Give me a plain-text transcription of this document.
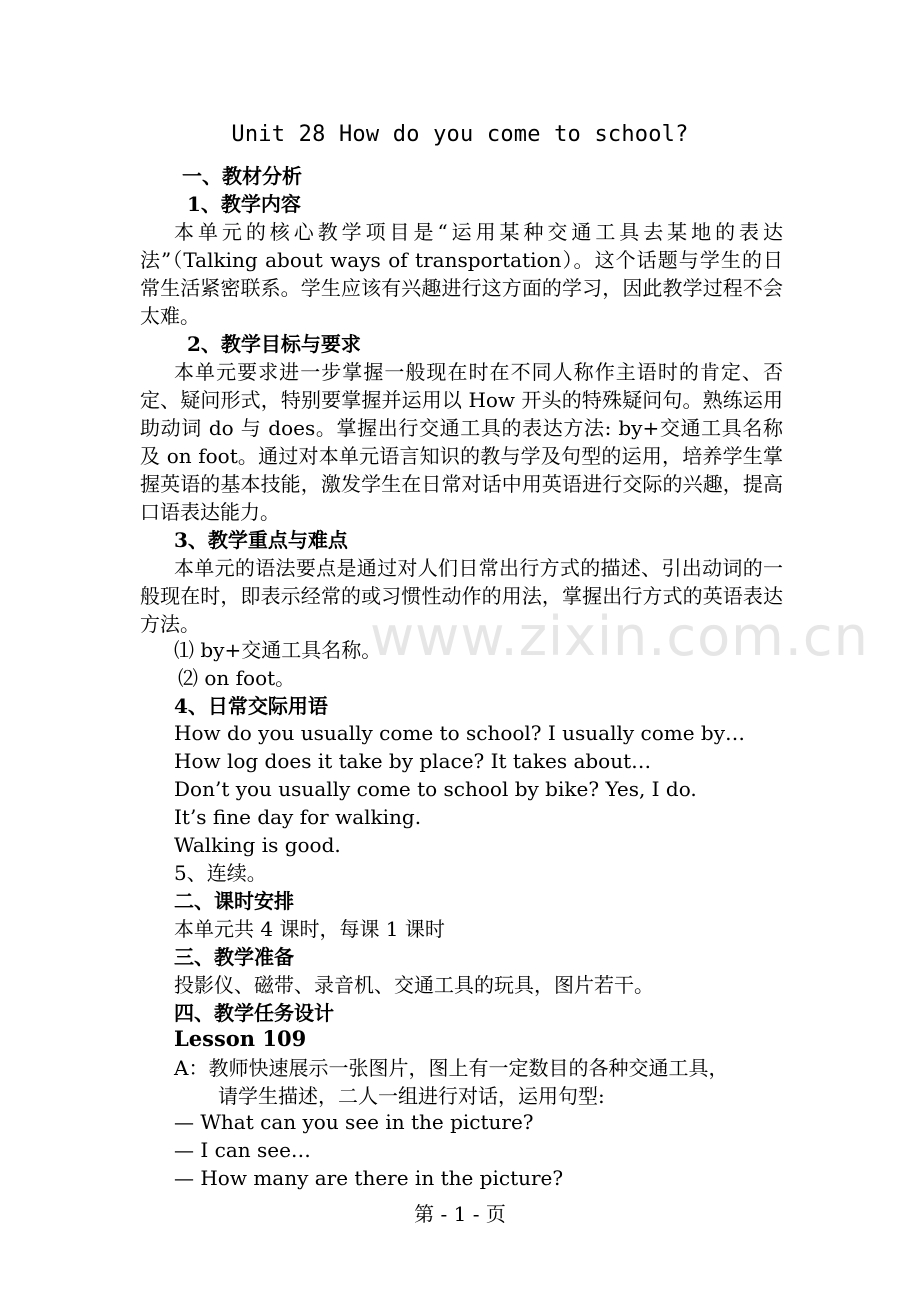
Unit 28 How do you come to school?
一、教材分析
1、教学内容
本单元的核心教学项目是“运用某种交通工具去某地的表达法”（Talking about ways of transportation）。这个话题与学生的日常生活紧密联系。学生应该有兴趣进行这方面的学习，因此教学过程不会太难。
2、教学目标与要求
本单元要求进一步掌握一般现在时在不同人称作主语时的肯定、否定、疑问形式，特别要掌握并运用以 How 开头的特殊疑问句。熟练运用助动词 do 与 does。掌握出行交通工具的表达方法: by+交通工具名称及 on foot。通过对本单元语言知识的教与学及句型的运用，培养学生掌握英语的基本技能，激发学生在日常对话中用英语进行交际的兴趣，提高口语表达能力。
3、教学重点与难点
本单元的语法要点是通过对人们日常出行方式的描述、引出动词的一般现在时，即表示经常的或习惯性动作的用法，掌握出行方式的英语表达方法。	www.zixin.com.cn
⑴ by+交通工具名称。
⑵ on foot。
4、日常交际用语
How do you usually come to school? I usually come by…
How log does it take by place? It takes about…
Don’t you usually come to school by bike? Yes, I do.
It’s fine day for walking.
Walking is good.
5、连续。
二、课时安排
本单元共 4 课时，每课 1 课时
三、教学准备
投影仪、磁带、录音机、交通工具的玩具，图片若干。
四、教学任务设计
Lesson 109
A：教师快速展示一张图片，图上有一定数目的各种交通工具，
请学生描述，二人一组进行对话，运用句型:
— What can you see in the picture?
— I can see…
— How many are there in the picture?
第 - 1 - 页
